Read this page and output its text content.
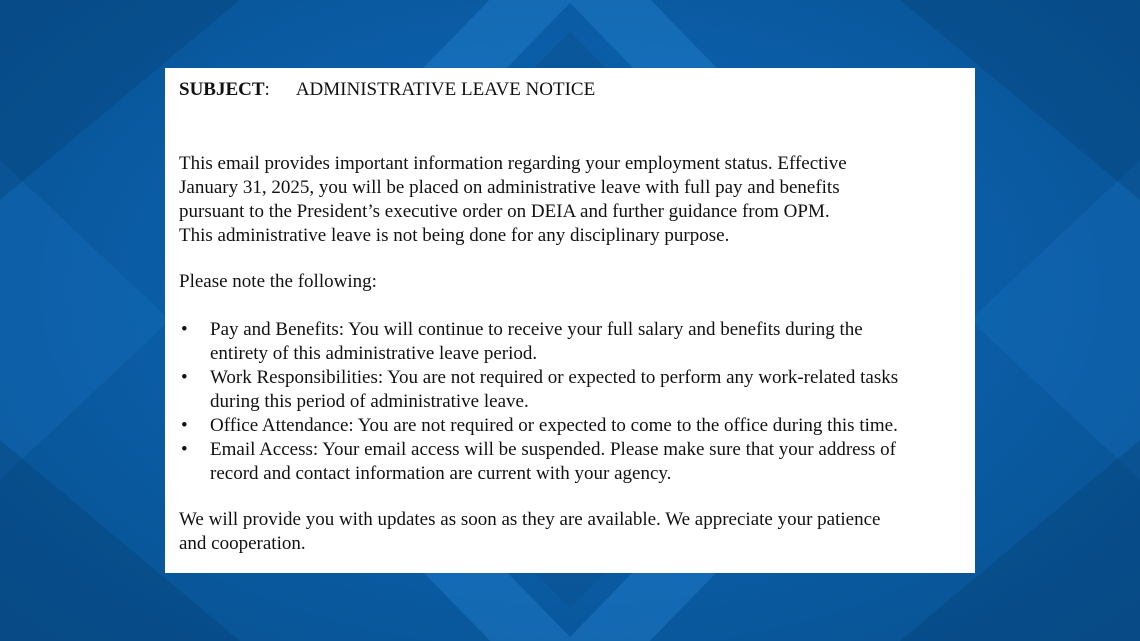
SUBJECT: ADMINISTRATIVE LEAVE NOTICE

This email provides important information regarding your employment status. Effective
January 31, 2025, you will be placed on administrative leave with full pay and benefits
pursuant to the President’s executive order on DEIA and further guidance from OPM.
This administrative leave is not being done for any disciplinary purpose.

Please note the following:

• Pay and Benefits: You will continue to receive your full salary and benefits during the
entirety of this administrative leave period.
• Work Responsibilities: You are not required or expected to perform any work-related tasks
during this period of administrative leave.
• Office Attendance: You are not required or expected to come to the office during this time.
• Email Access: Your email access will be suspended. Please make sure that your address of
record and contact information are current with your agency.

We will provide you with updates as soon as they are available. We appreciate your patience
and cooperation.
